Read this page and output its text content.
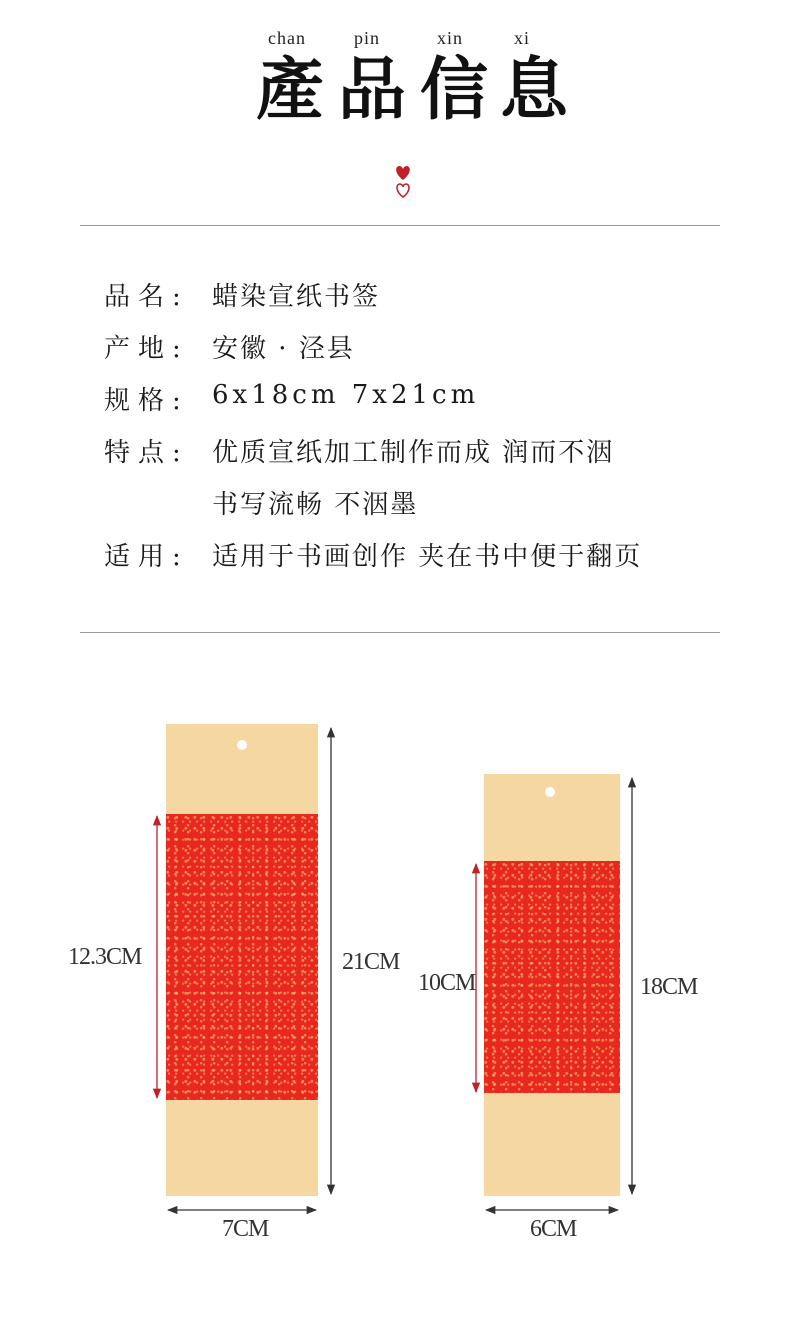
chan	pin	xin	xi
產 品 信 息
品名: 蜡染宣纸书签
产地: 安徽 · 泾县
规格: 6x18cm 7x21cm
特点: 优质宣纸加工制作而成 润而不洇
书写流畅 不洇墨
适用: 适用于书画创作 夹在书中便于翻页
12.3CM	21CM
7CM
10CM	18CM
6CM
